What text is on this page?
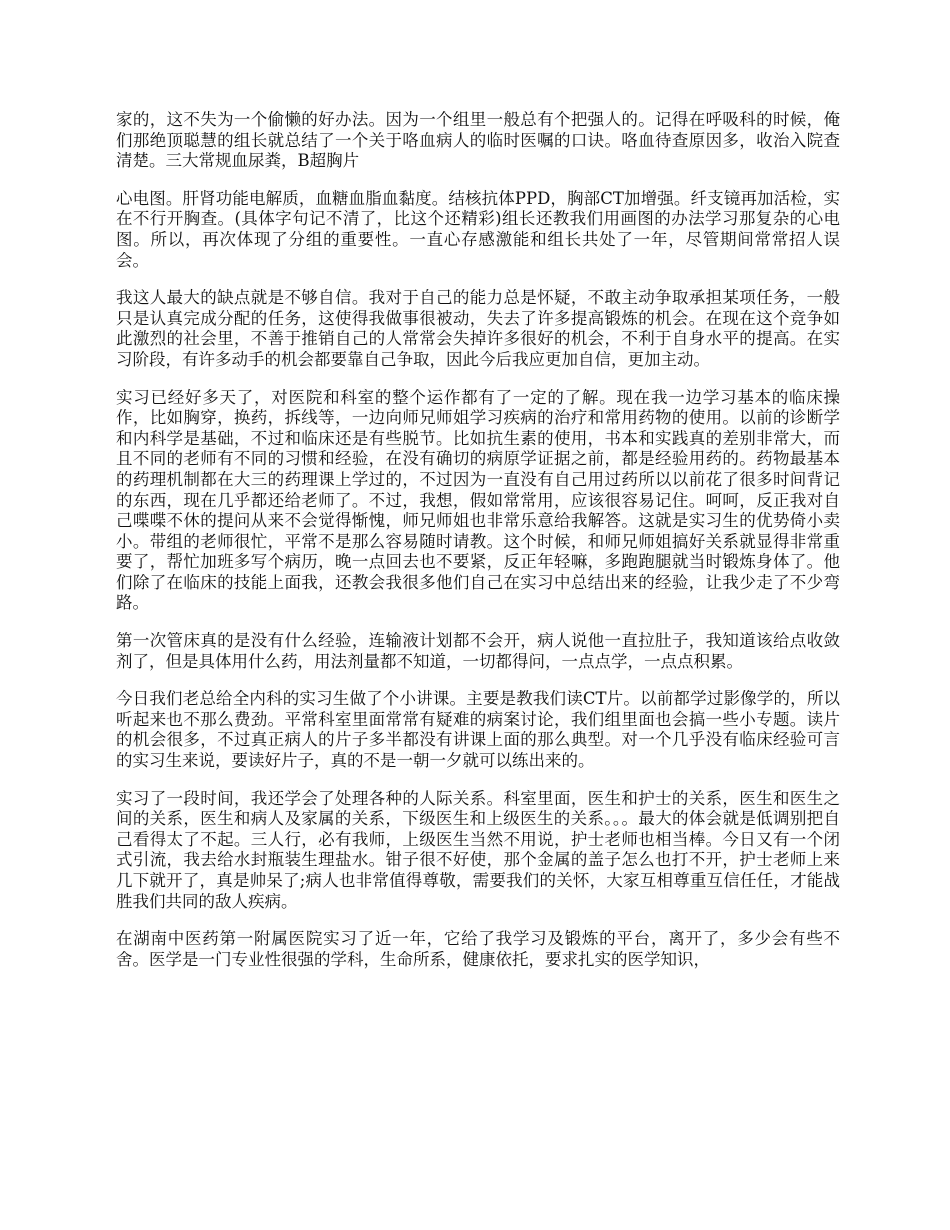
家的，这不失为一个偷懒的好办法。因为一个组里一般总有个把强人的。记得在呼吸科的时候，俺们那绝顶聪慧的组长就总结了一个关于咯血病人的临时医嘱的口诀。咯血待查原因多，收治入院查清楚。三大常规血尿粪，B超胸片

心电图。肝肾功能电解质，血糖血脂血黏度。结核抗体PPD，胸部CT加增强。纤支镜再加活检，实在不行开胸查。(具体字句记不清了，比这个还精彩)组长还教我们用画图的办法学习那复杂的心电图。所以，再次体现了分组的重要性。一直心存感激能和组长共处了一年，尽管期间常常招人误会。

我这人最大的缺点就是不够自信。我对于自己的能力总是怀疑，不敢主动争取承担某项任务，一般只是认真完成分配的任务，这使得我做事很被动，失去了许多提高锻炼的机会。在现在这个竞争如此激烈的社会里，不善于推销自己的人常常会失掉许多很好的机会，不利于自身水平的提高。在实习阶段，有许多动手的机会都要靠自己争取，因此今后我应更加自信，更加主动。

实习已经好多天了，对医院和科室的整个运作都有了一定的了解。现在我一边学习基本的临床操作，比如胸穿，换药，拆线等，一边向师兄师姐学习疾病的治疗和常用药物的使用。以前的诊断学和内科学是基础，不过和临床还是有些脱节。比如抗生素的使用，书本和实践真的差别非常大，而且不同的老师有不同的习惯和经验，在没有确切的病原学证据之前，都是经验用药的。药物最基本的药理机制都在大三的药理课上学过的，不过因为一直没有自己用过药所以以前花了很多时间背记的东西，现在几乎都还给老师了。不过，我想，假如常常用，应该很容易记住。呵呵，反正我对自己喋喋不休的提问从来不会觉得惭愧，师兄师姐也非常乐意给我解答。这就是实习生的优势倚小卖小。带组的老师很忙，平常不是那么容易随时请教。这个时候，和师兄师姐搞好关系就显得非常重要了，帮忙加班多写个病历，晚一点回去也不要紧，反正年轻嘛，多跑跑腿就当时锻炼身体了。他们除了在临床的技能上面我，还教会我很多他们自己在实习中总结出来的经验，让我少走了不少弯路。

第一次管床真的是没有什么经验，连输液计划都不会开，病人说他一直拉肚子，我知道该给点收敛剂了，但是具体用什么药，用法剂量都不知道，一切都得问，一点点学，一点点积累。

今日我们老总给全内科的实习生做了个小讲课。主要是教我们读CT片。以前都学过影像学的，所以听起来也不那么费劲。平常科室里面常常有疑难的病案讨论，我们组里面也会搞一些小专题。读片的机会很多，不过真正病人的片子多半都没有讲课上面的那么典型。对一个几乎没有临床经验可言的实习生来说，要读好片子，真的不是一朝一夕就可以练出来的。

实习了一段时间，我还学会了处理各种的人际关系。科室里面，医生和护士的关系，医生和医生之间的关系，医生和病人及家属的关系，下级医生和上级医生的关系。。。最大的体会就是低调别把自己看得太了不起。三人行，必有我师，上级医生当然不用说，护士老师也相当棒。今日又有一个闭式引流，我去给水封瓶装生理盐水。钳子很不好使，那个金属的盖子怎么也打不开，护士老师上来几下就开了，真是帅呆了;病人也非常值得尊敬，需要我们的关怀，大家互相尊重互信任任，才能战胜我们共同的敌人疾病。

在湖南中医药第一附属医院实习了近一年，它给了我学习及锻炼的平台，离开了，多少会有些不舍。医学是一门专业性很强的学科，生命所系，健康依托，要求扎实的医学知识，
